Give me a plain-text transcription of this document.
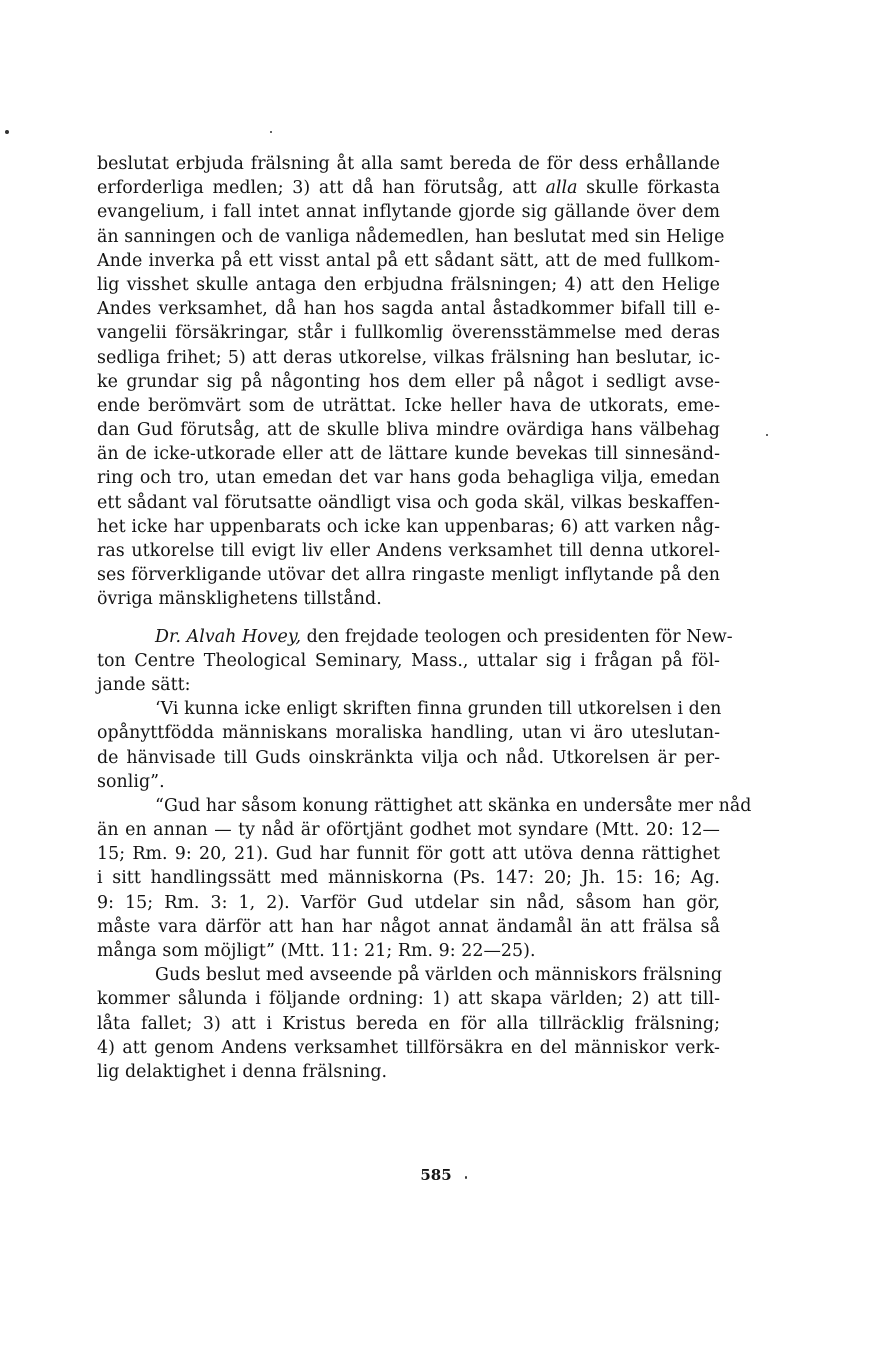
beslutat erbjuda frälsning åt alla samt bereda de för dess erhållande
erforderliga medlen; 3) att då han förutsåg, att alla skulle förkasta
evangelium, i fall intet annat inflytande gjorde sig gällande över dem
än sanningen och de vanliga nådemedlen, han beslutat med sin Helige
Ande inverka på ett visst antal på ett sådant sätt, att de med fullkom-
lig visshet skulle antaga den erbjudna frälsningen; 4) att den Helige
Andes verksamhet, då han hos sagda antal åstadkommer bifall till e-
vangelii försäkringar, står i fullkomlig överensstämmelse med deras
sedliga frihet; 5) att deras utkorelse, vilkas frälsning han beslutar, ic-
ke grundar sig på någonting hos dem eller på något i sedligt avse-
ende berömvärt som de uträttat. Icke heller hava de utkorats, eme-
dan Gud förutsåg, att de skulle bliva mindre ovärdiga hans välbehag
än de icke-utkorade eller att de lättare kunde bevekas till sinnesänd-
ring och tro, utan emedan det var hans goda behagliga vilja, emedan
ett sådant val förutsatte oändligt visa och goda skäl, vilkas beskaffen-
het icke har uppenbarats och icke kan uppenbaras; 6) att varken någ-
ras utkorelse till evigt liv eller Andens verksamhet till denna utkorel-
ses förverkligande utövar det allra ringaste menligt inflytande på den
övriga mänsklighetens tillstånd.
Dr. Alvah Hovey, den frejdade teologen och presidenten för New-
ton Centre Theological Seminary, Mass., uttalar sig i frågan på föl-
jande sätt:
‘Vi kunna icke enligt skriften finna grunden till utkorelsen i den
opånyttfödda människans moraliska handling, utan vi äro uteslutan-
de hänvisade till Guds oinskränkta vilja och nåd. Utkorelsen är per-
sonlig”.
“Gud har såsom konung rättighet att skänka en undersåte mer nåd
än en annan — ty nåd är oförtjänt godhet mot syndare (Mtt. 20: 12—
15; Rm. 9: 20, 21). Gud har funnit för gott att utöva denna rättighet
i sitt handlingssätt med människorna (Ps. 147: 20; Jh. 15: 16; Ag.
9: 15; Rm. 3: 1, 2). Varför Gud utdelar sin nåd, såsom han gör,
måste vara därför att han har något annat ändamål än att frälsa så
många som möjligt” (Mtt. 11: 21; Rm. 9: 22—25).
Guds beslut med avseende på världen och människors frälsning
kommer sålunda i följande ordning: 1) att skapa världen; 2) att till-
låta fallet; 3) att i Kristus bereda en för alla tillräcklig frälsning;
4) att genom Andens verksamhet tillförsäkra en del människor verk-
lig delaktighet i denna frälsning.
585
